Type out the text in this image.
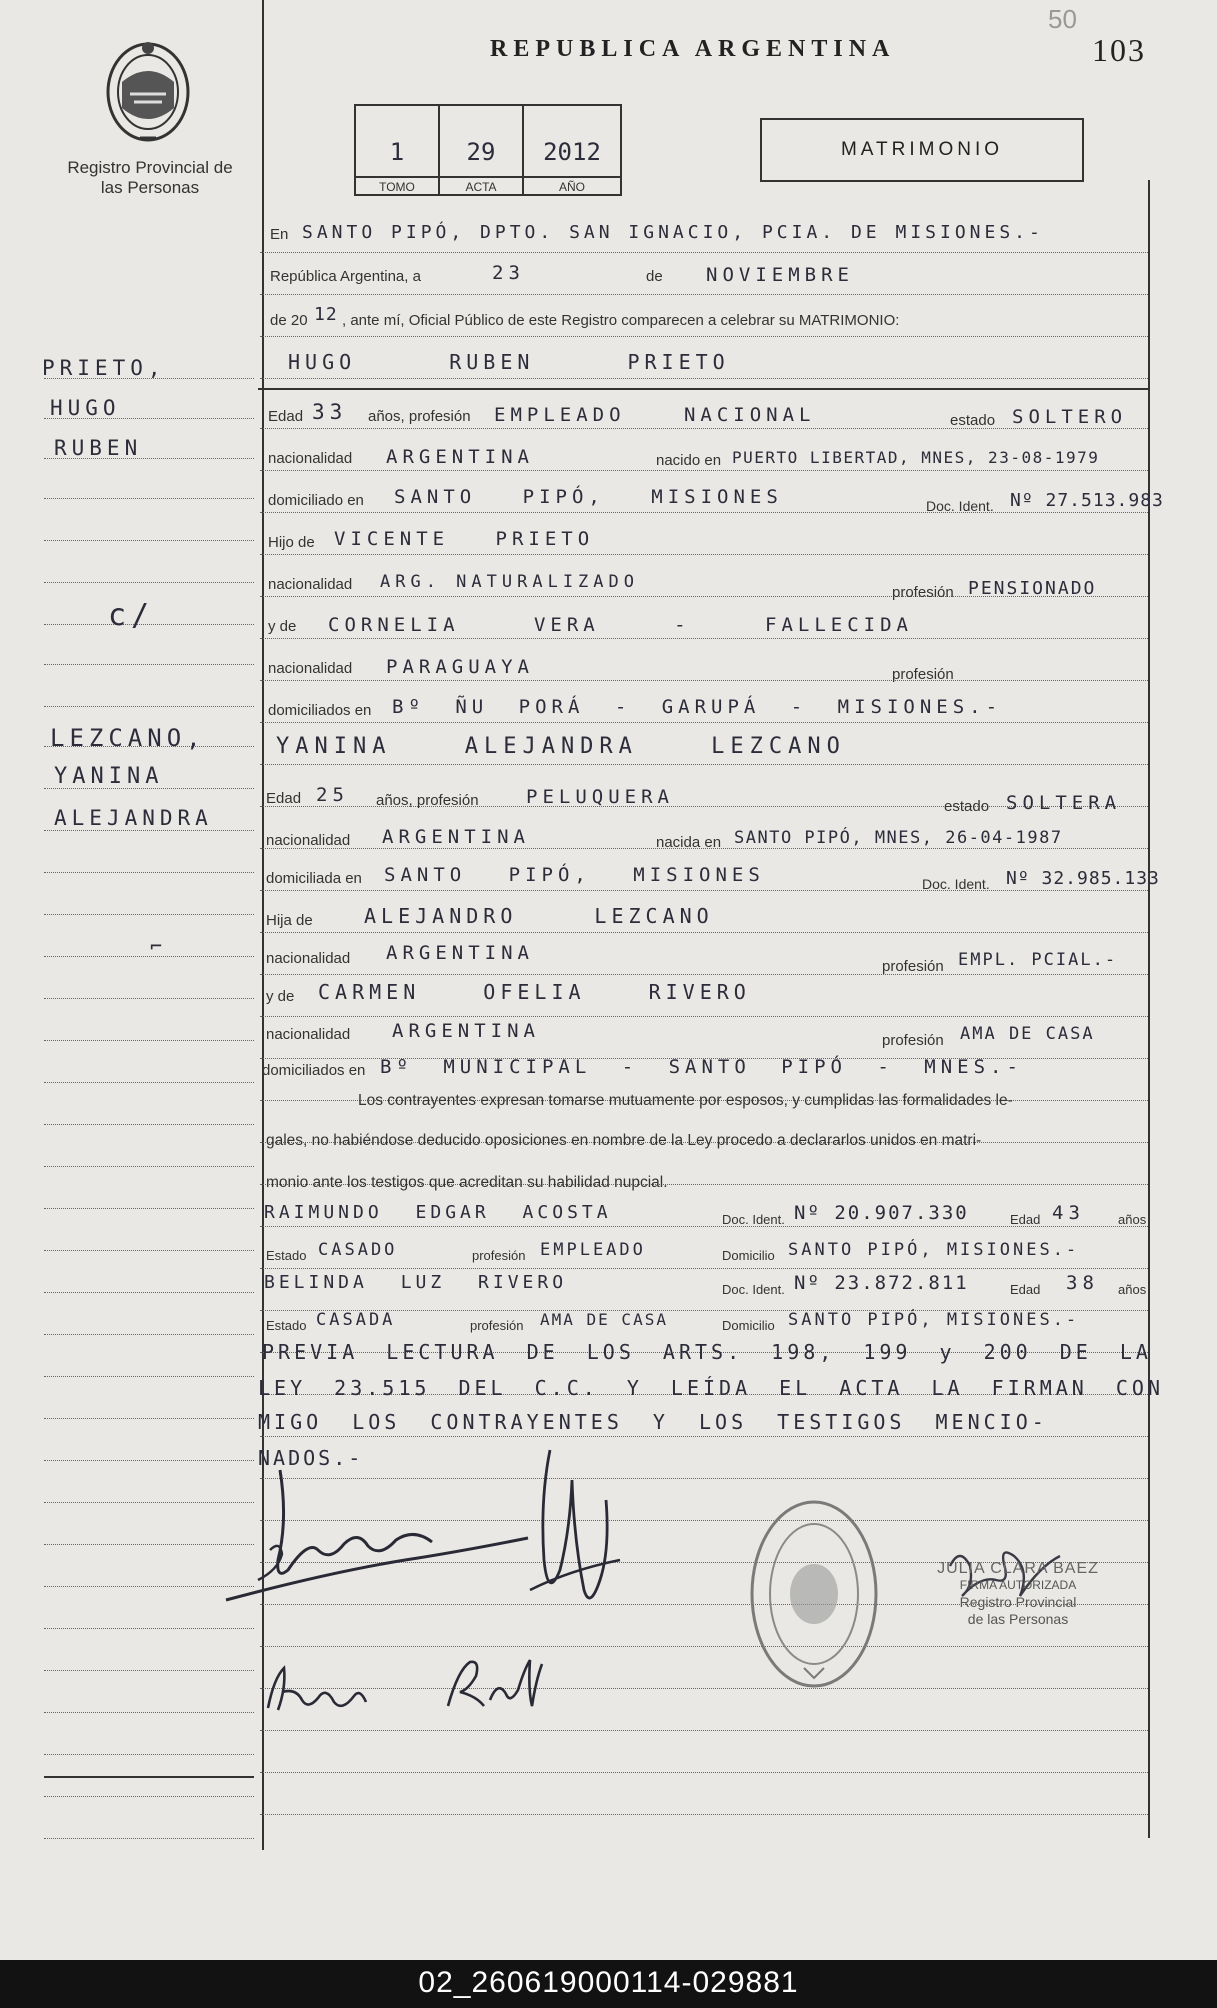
50
REPUBLICA ARGENTINA	103
Registro Provincial de las Personas
1
TOMO
29
ACTA
2012
AÑO
MATRIMONIO
PRIETO,
HUGO
RUBEN
c/
LEZCANO,
YANINA
ALEJANDRA
⌐
En SANTO PIPÓ, DPTO. SAN IGNACIO, PCIA. DE MISIONES.-
República Argentina, a	23	de NOVIEMBRE
de 20 12 , ante mí, Oficial Público de este Registro comparecen a celebrar su MATRIMONIO:
HUGO RUBEN PRIETO
Edad 33 años, profesión EMPLEADO NACIONAL	estado SOLTERO
nacionalidad ARGENTINA	nacido en PUERTO LIBERTAD, MNES, 23-08-1979
domiciliado en SANTO PIPÓ, MISIONES	Doc. Ident. Nº 27.513.983
Hijo de VICENTE PRIETO
nacionalidad ARG. NATURALIZADO
profesión PENSIONADO
y de CORNELIA VERA - FALLECIDA
nacionalidad PARAGUAYA	profesión
domiciliados en Bº ÑU PORÁ - GARUPÁ - MISIONES.-
YANINA ALEJANDRA LEZCANO
Edad 25 años, profesión PELUQUERA	estado SOLTERA
nacionalidad ARGENTINA	nacida en SANTO PIPÓ, MNES, 26-04-1987
domiciliada en SANTO PIPÓ, MISIONES	Doc. Ident. Nº 32.985.133
Hija de	ALEJANDRO LEZCANO
nacionalidad ARGENTINA
profesión EMPL. PCIAL.-
y de CARMEN OFELIA RIVERO
nacionalidad ARGENTINA	profesión AMA DE CASA
domiciliados en Bº MUNICIPAL - SANTO PIPÓ - MNES.-
Los contrayentes expresan tomarse mutuamente por esposos, y cumplidas las formalidades le-
gales, no habiéndose deducido oposiciones en nombre de la Ley procedo a declararlos unidos en matri-
monio ante los testigos que acreditan su habilidad nupcial.
RAIMUNDO EDGAR ACOSTA	Doc. Ident. Nº 20.907.330	Edad 43	años
Estado CASADO	profesión EMPLEADO	Domicilio SANTO PIPÓ, MISIONES.-
BELINDA LUZ RIVERO	Doc. Ident. Nº 23.872.811	Edad 38 años
Estado CASADA	profesión AMA DE CASA	Domicilio SANTO PIPÓ, MISIONES.-
PREVIA LECTURA DE LOS ARTS. 198, 199 y 200 DE LA
LEY 23.515 DEL C.C. Y LEÍDA EL ACTA LA FIRMAN CON
MIGO LOS CONTRAYENTES Y LOS TESTIGOS MENCIO-
NADOS.-
JULIA CLARA BAEZ
FIRMA AUTORIZADA
Registro Provincial
de las Personas
02_260619000114-029881
